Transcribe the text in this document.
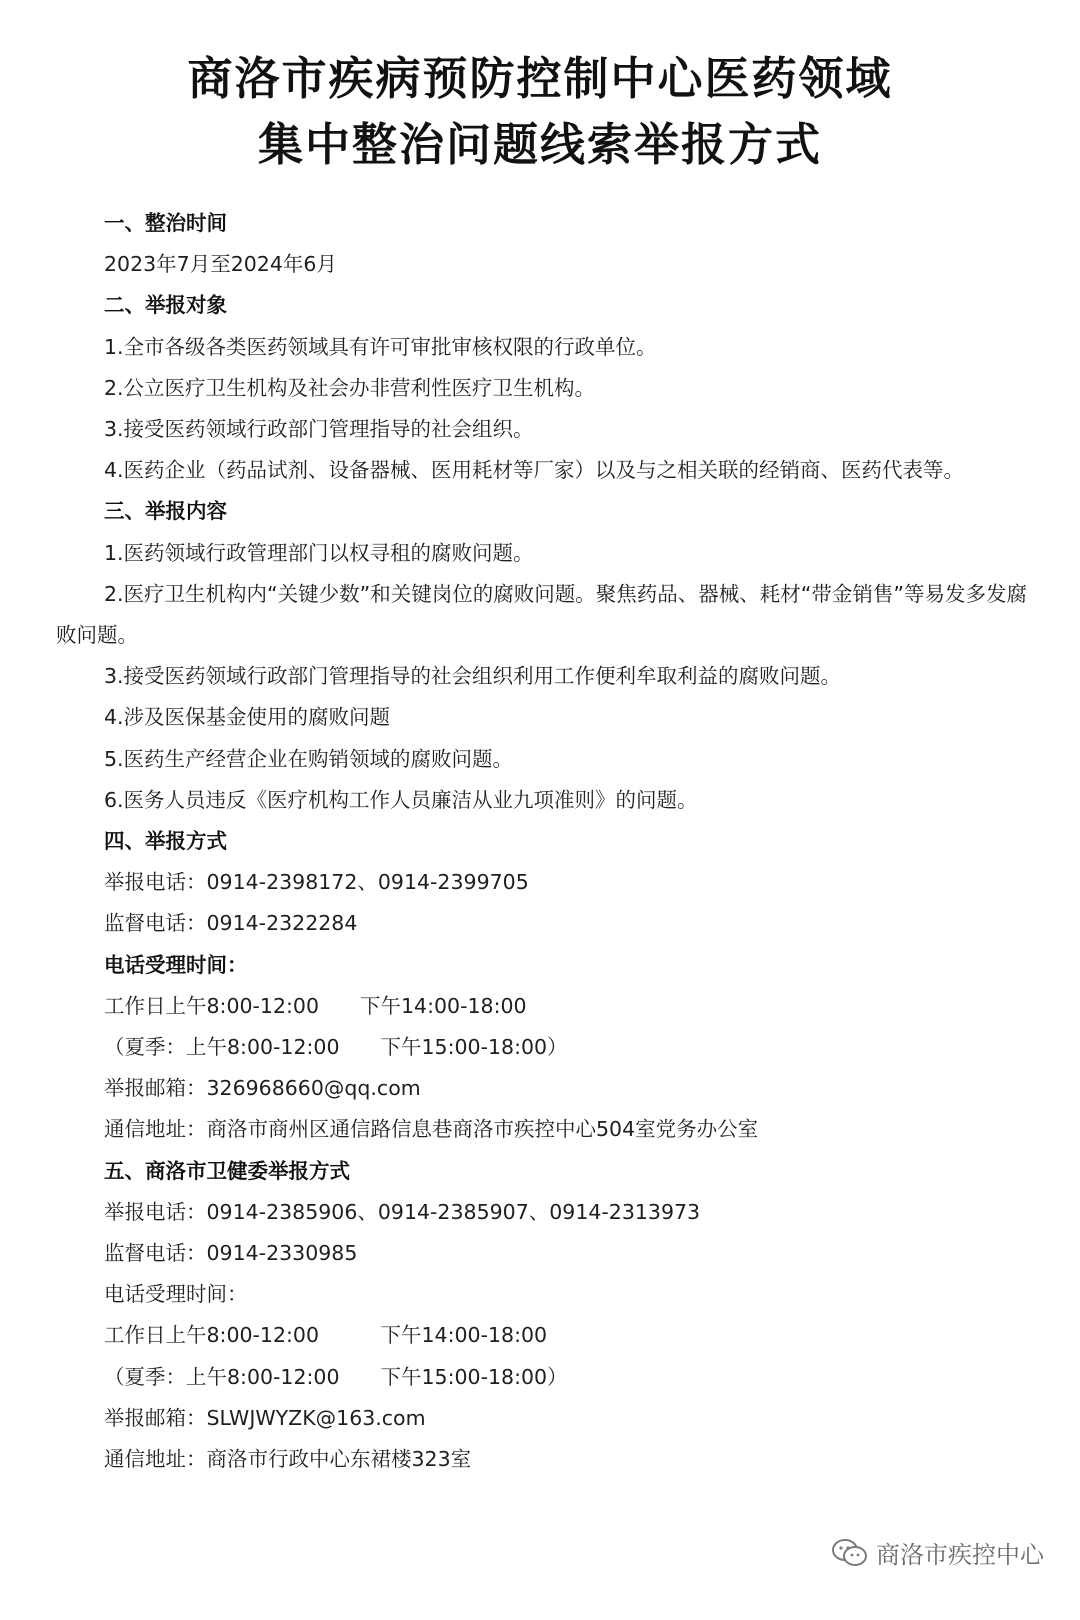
商洛市疾病预防控制中心医药领域

集中整治问题线索举报方式

一、整治时间

2023年7月至2024年6月

二、举报对象

1.全市各级各类医药领域具有许可审批审核权限的行政单位。

2.公立医疗卫生机构及社会办非营利性医疗卫生机构。

3.接受医药领域行政部门管理指导的社会组织。

4.医药企业（药品试剂、设备器械、医用耗材等厂家）以及与之相关联的经销商、医药代表等。

三、举报内容

1.医药领域行政管理部门以权寻租的腐败问题。

2.医疗卫生机构内“关键少数”和关键岗位的腐败问题。聚焦药品、器械、耗材“带金销售”等易发多发腐败问题。

3.接受医药领域行政部门管理指导的社会组织利用工作便利牟取利益的腐败问题。

4.涉及医保基金使用的腐败问题

5.医药生产经营企业在购销领域的腐败问题。

6.医务人员违反《医疗机构工作人员廉洁从业九项准则》的问题。

四、举报方式

举报电话：0914-2398172、0914-2399705

监督电话：0914-2322284

电话受理时间：

工作日上午8:00-12:00　　下午14:00-18:00

（夏季：上午8:00-12:00　　下午15:00-18:00）

举报邮箱：326968660@qq.com

通信地址：商洛市商州区通信路信息巷商洛市疾控中心504室党务办公室

五、商洛市卫健委举报方式

举报电话：0914-2385906、0914-2385907、0914-2313973

监督电话：0914-2330985

电话受理时间：

工作日上午8:00-12:00　　　下午14:00-18:00

（夏季：上午8:00-12:00　　下午15:00-18:00）

举报邮箱：SLWJWYZK@163.com

通信地址：商洛市行政中心东裙楼323室

商洛市疾控中心
